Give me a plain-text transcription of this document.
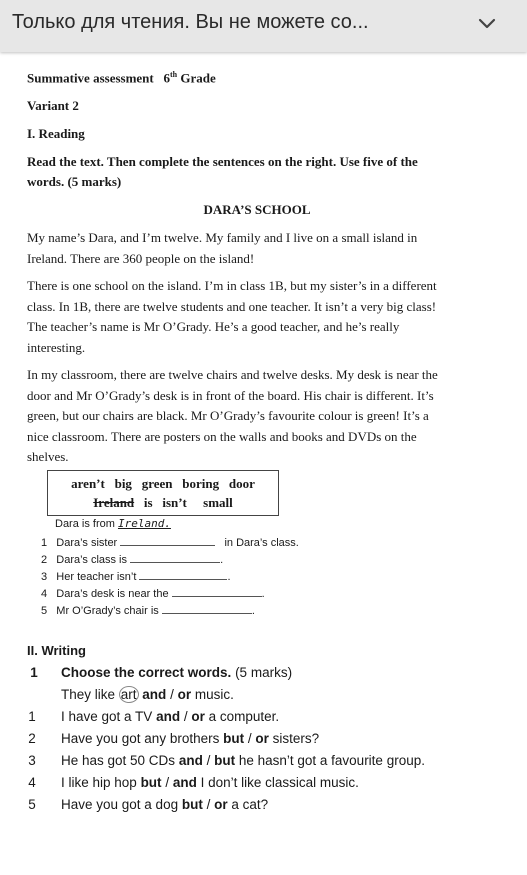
Только для чтения. Вы не можете со...
Summative assessment 6th Grade
Variant 2
I. Reading
Read the text. Then complete the sentences on the right. Use five of the
words. (5 marks)
DARA’S SCHOOL
My name’s Dara, and I’m twelve. My family and I live on a small island in
Ireland. There are 360 people on the island!
There is one school on the island. I’m in class 1B, but my sister’s in a different
class. In 1B, there are twelve students and one teacher. It isn’t a very big class!
The teacher’s name is Mr O’Grady. He’s a good teacher, and he’s really
interesting.
In my classroom, there are twelve chairs and twelve desks. My desk is near the
door and Mr O’Grady’s desk is in front of the board. His chair is different. It’s
green, but our chairs are black. Mr O’Grady’s favourite colour is green! It’s a
nice classroom. There are posters on the walls and books and DVDs on the
shelves.
aren’t big green boring door
Ireland is isn’t small
Dara is from Ireland.
1 Dara’s sister	in Dara’s class.
2 Dara’s class is	.
3 Her teacher isn’t	.
4 Dara’s desk is near the	.
5 Mr O’Grady’s chair is	.
II. Writing
1 Choose the correct words. (5 marks)
They like art and / or music.
1 I have got a TV and / or a computer.
2 Have you got any brothers but / or sisters?
3 He has got 50 CDs and / but he hasn’t got a favourite group.
4 I like hip hop but / and I don’t like classical music.
5 Have you got a dog but / or a cat?
